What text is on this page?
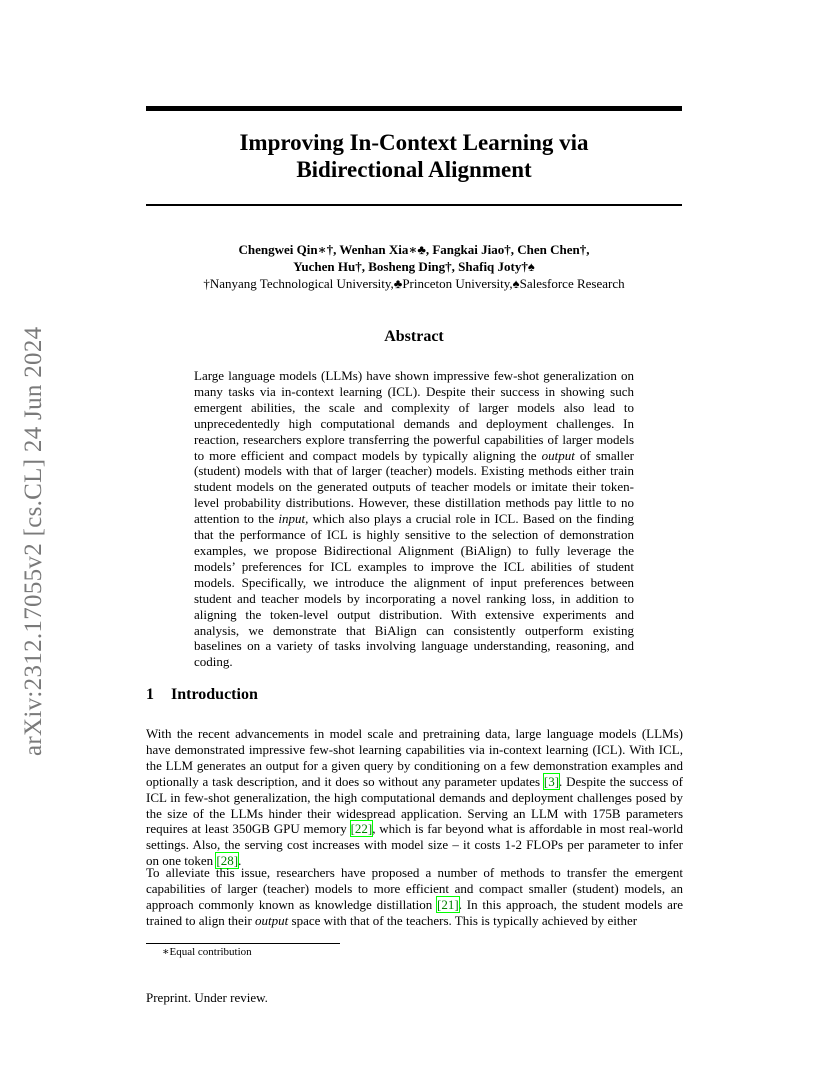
arXiv:2312.17055v2 [cs.CL] 24 Jun 2024
Improving In-Context Learning via
Bidirectional Alignment
Chengwei Qin∗†, Wenhan Xia∗♣, Fangkai Jiao†, Chen Chen†,
Yuchen Hu†, Bosheng Ding†, Shafiq Joty†♠
†Nanyang Technological University,♣Princeton University,♠Salesforce Research
Abstract
Large language models (LLMs) have shown impressive few-shot generalization on many tasks via in-context learning (ICL). Despite their success in showing such emergent abilities, the scale and complexity of larger models also lead to unprecedentedly high computational demands and deployment challenges. In reaction, researchers explore transferring the powerful capabilities of larger models to more efficient and compact models by typically aligning the output of smaller (student) models with that of larger (teacher) models. Existing methods either train student models on the generated outputs of teacher models or imitate their token-level probability distributions. However, these distillation methods pay little to no attention to the input, which also plays a crucial role in ICL. Based on the finding that the performance of ICL is highly sensitive to the selection of demonstration examples, we propose Bidirectional Alignment (BiAlign) to fully leverage the models’ preferences for ICL examples to improve the ICL abilities of student models. Specifically, we introduce the alignment of input preferences between student and teacher models by incorporating a novel ranking loss, in addition to aligning the token-level output distribution. With extensive experiments and analysis, we demonstrate that BiAlign can consistently outperform existing baselines on a variety of tasks involving language understanding, reasoning, and coding.
1 Introduction
With the recent advancements in model scale and pretraining data, large language models (LLMs) have demonstrated impressive few-shot learning capabilities via in-context learning (ICL). With ICL, the LLM generates an output for a given query by conditioning on a few demonstration examples and optionally a task description, and it does so without any parameter updates [3]. Despite the success of ICL in few-shot generalization, the high computational demands and deployment challenges posed by the size of the LLMs hinder their widespread application. Serving an LLM with 175B parameters requires at least 350GB GPU memory [22], which is far beyond what is affordable in most real-world settings. Also, the serving cost increases with model size – it costs 1-2 FLOPs per parameter to infer on one token [28].
To alleviate this issue, researchers have proposed a number of methods to transfer the emergent capabilities of larger (teacher) models to more efficient and compact smaller (student) models, an approach commonly known as knowledge distillation [21]. In this approach, the student models are trained to align their output space with that of the teachers. This is typically achieved by either
∗Equal contribution
Preprint. Under review.
